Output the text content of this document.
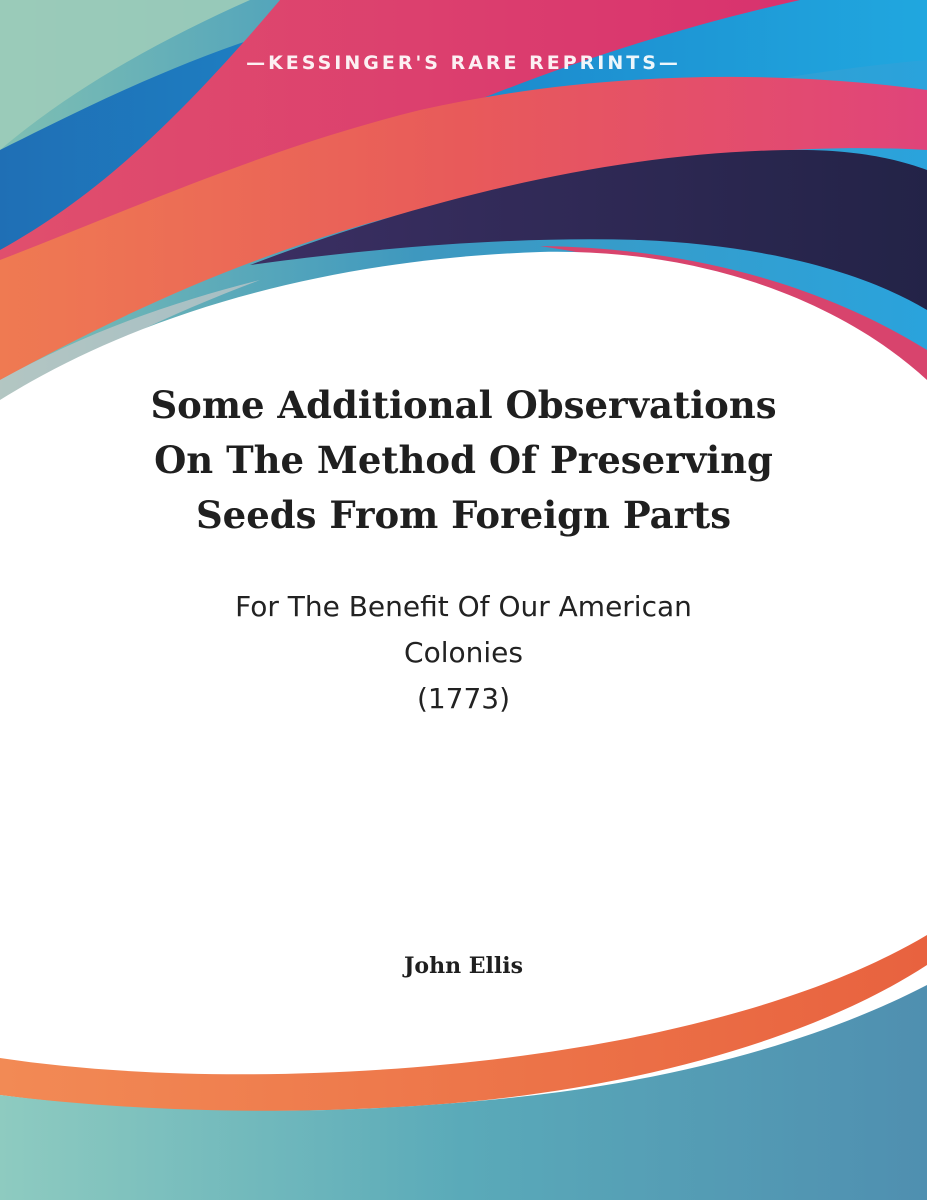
—KESSINGER'S RARE REPRINTS—
Some Additional Observations
On The Method Of Preserving
Seeds From Foreign Parts
For The Benefit Of Our American
Colonies
(1773)
John Ellis
